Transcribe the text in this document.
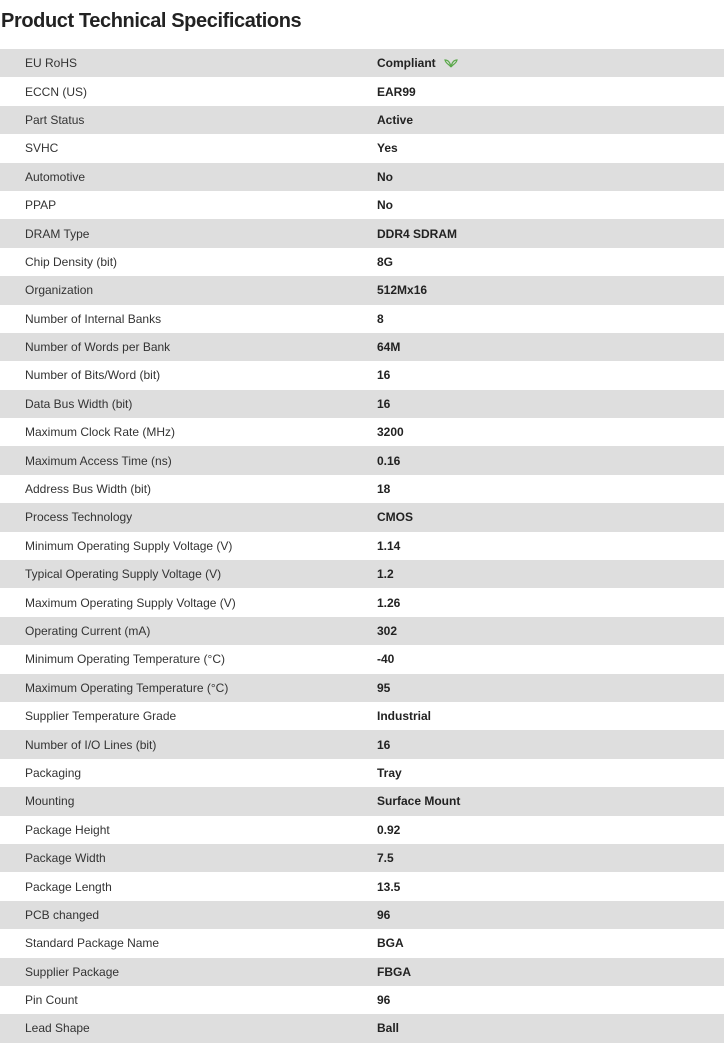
Product Technical Specifications
EU RoHS	Compliant
ECCN (US)	EAR99
Part Status	Active
SVHC	Yes
Automotive	No
PPAP	No
DRAM Type	DDR4 SDRAM
Chip Density (bit)	8G
Organization	512Mx16
Number of Internal Banks	8
Number of Words per Bank	64M
Number of Bits/Word (bit)	16
Data Bus Width (bit)	16
Maximum Clock Rate (MHz)	3200
Maximum Access Time (ns)	0.16
Address Bus Width (bit)	18
Process Technology	CMOS
Minimum Operating Supply Voltage (V)	1.14
Typical Operating Supply Voltage (V)	1.2
Maximum Operating Supply Voltage (V)	1.26
Operating Current (mA)	302
Minimum Operating Temperature (°C)	-40
Maximum Operating Temperature (°C)	95
Supplier Temperature Grade	Industrial
Number of I/O Lines (bit)	16
Packaging	Tray
Mounting	Surface Mount
Package Height	0.92
Package Width	7.5
Package Length	13.5
PCB changed	96
Standard Package Name	BGA
Supplier Package	FBGA
Pin Count	96
Lead Shape	Ball
